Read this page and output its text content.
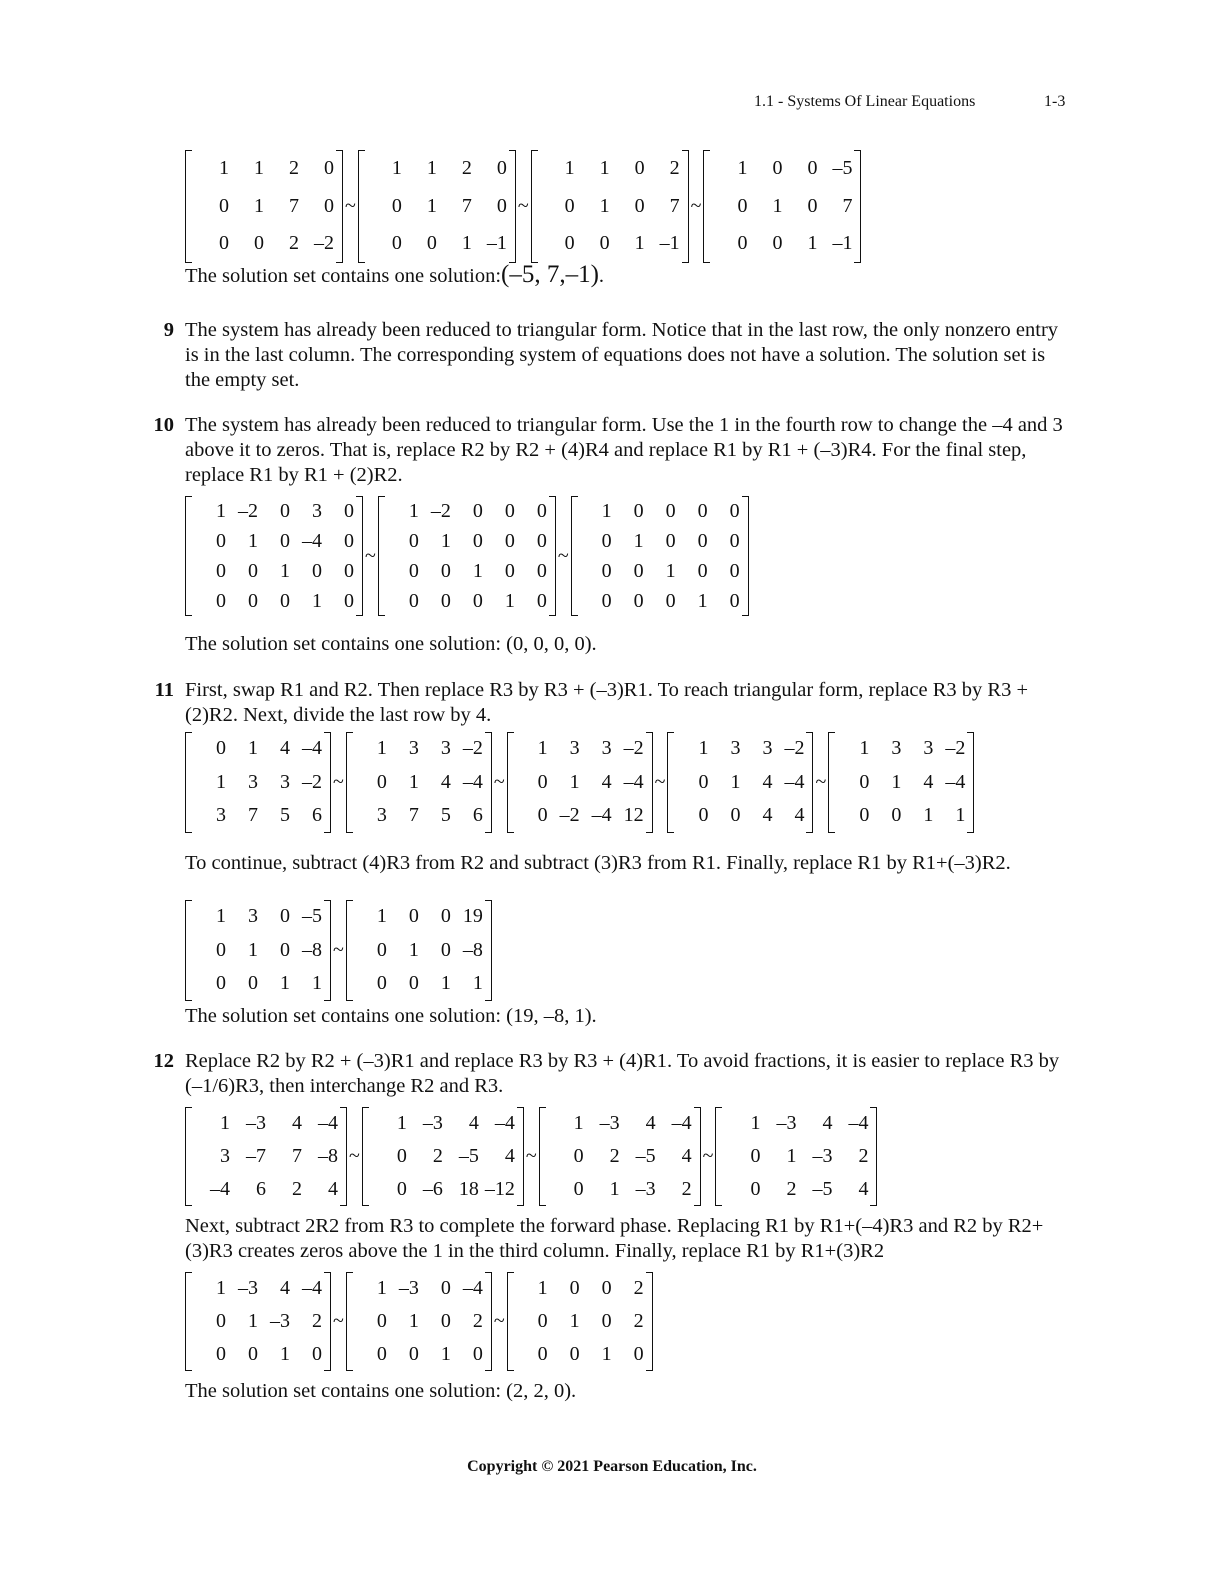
1.1 - Systems Of Linear Equations	1-3
1	1	2	0
0	1	7	0
0	0	2	–2
~
1	1	2	0
0	1	7	0
0	0	1	–1
~
1	1	0	2
0	1	0	7
0	0	1	–1
~
1	0	0	–5
0	1	0	7
0	0	1	–1
1	–2	0	3	0
0	1	0	–4	0
0	0	1	0	0
0	0	0	1	0
~
1	–2	0	0	0
0	1	0	0	0
0	0	1	0	0
0	0	0	1	0
~
1	0	0	0	0
0	1	0	0	0
0	0	1	0	0
0	0	0	1	0
0	1	4	–4
1	3	3	–2
3	7	5	6
~
1	3	3	–2
0	1	4	–4
3	7	5	6
~
1	3	3	–2
0	1	4	–4
0	–2	–4	12
~
1	3	3	–2
0	1	4	–4
0	0	4	4
~
1	3	3	–2
0	1	4	–4
0	0	1	1
1	3	0	–5
0	1	0	–8
0	0	1	1
~
1	0	0	19
0	1	0	–8
0	0	1	1
1	–3	4	–4
3	–7	7	–8
–4	6	2	4
~
1	–3	4	–4
0	2	–5	4
0	–6	18	–12
~
1	–3	4	–4
0	2	–5	4
0	1	–3	2
~
1	–3	4	–4
0	1	–3	2
0	2	–5	4
1	–3	4	–4
0	1	–3	2
0	0	1	0
~
1	–3	0	–4
0	1	0	2
0	0	1	0
~
1	0	0	2
0	1	0	2
0	0	1	0
The solution set contains one solution:(–5, 7,–1).
9 The system has already been reduced to triangular form. Notice that in the last row, the only nonzero entry is in the last column. The corresponding system of equations does not have a solution. The solution set is the empty set.
10 The system has already been reduced to triangular form. Use the 1 in the fourth row to change the –4 and 3 above it to zeros. That is, replace R2 by R2 + (4)R4 and replace R1 by R1 + (–3)R4. For the final step, replace R1 by R1 + (2)R2.
The solution set contains one solution: (0, 0, 0, 0).
11 First, swap R1 and R2. Then replace R3 by R3 + (–3)R1. To reach triangular form, replace R3 by R3 + (2)R2. Next, divide the last row by 4.
To continue, subtract (4)R3 from R2 and subtract (3)R3 from R1. Finally, replace R1 by R1+(–3)R2.
The solution set contains one solution: (19, –8, 1).
12 Replace R2 by R2 + (–3)R1 and replace R3 by R3 + (4)R1. To avoid fractions, it is easier to replace R3 by (–1/6)R3, then interchange R2 and R3.
Next, subtract 2R2 from R3 to complete the forward phase. Replacing R1 by R1+(–4)R3 and R2 by R2+(3)R3 creates zeros above the 1 in the third column. Finally, replace R1 by R1+(3)R2
The solution set contains one solution: (2, 2, 0).
Copyright © 2021 Pearson Education, Inc.
